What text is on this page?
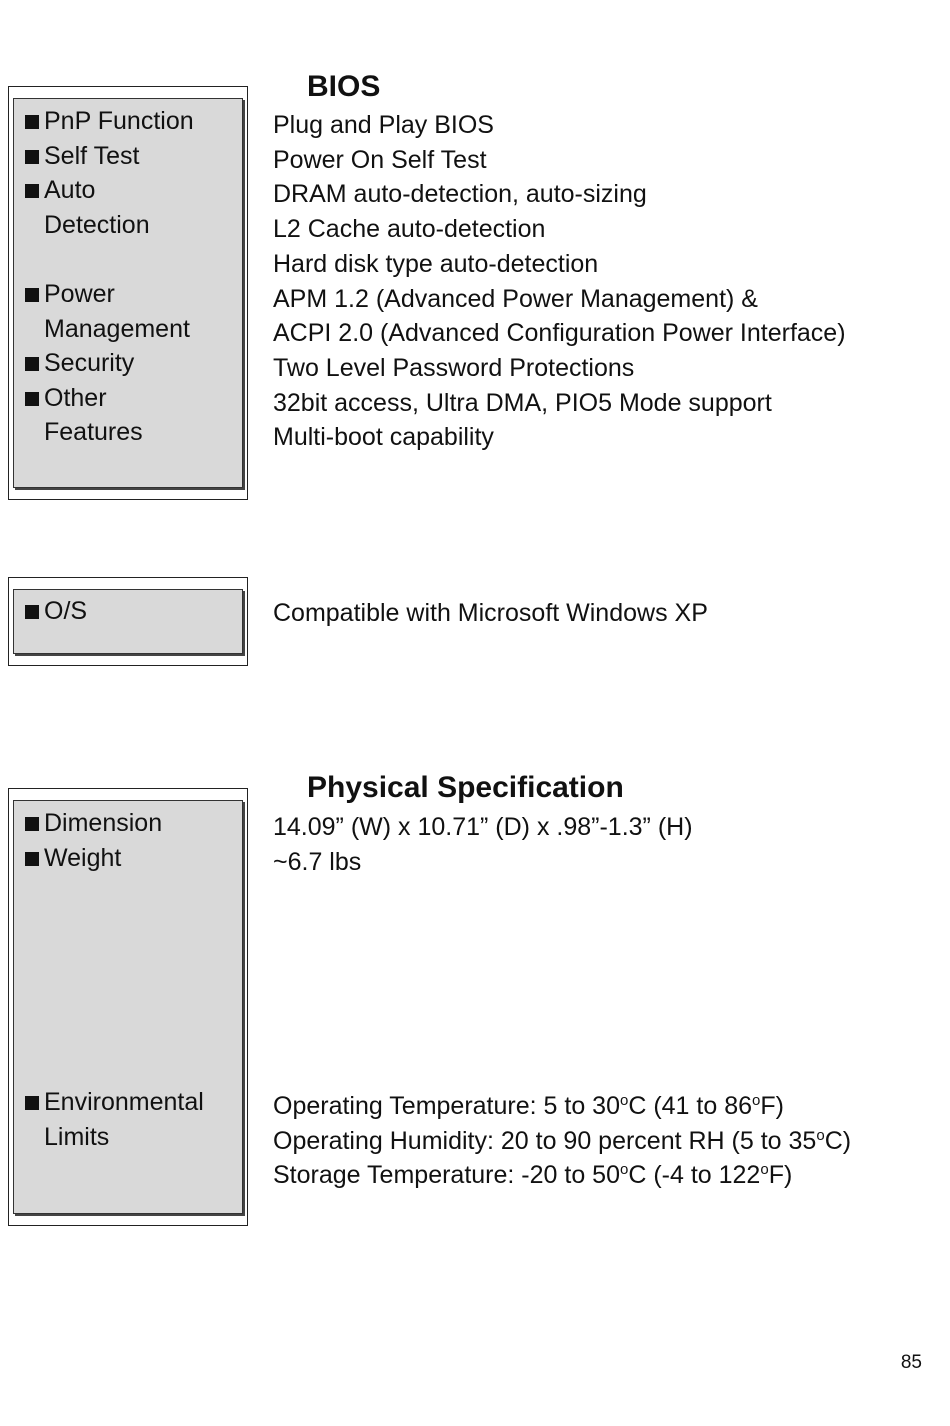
PnP Function
Self Test
Auto
Detection
Power
Management
Security
Other
Features
BIOS
Plug and Play BIOS
Power On Self Test
DRAM auto-detection, auto-sizing
L2 Cache auto-detection
Hard disk type auto-detection
APM 1.2 (Advanced Power Management) &
ACPI 2.0 (Advanced Configuration Power Interface)
Two Level Password Protections
32bit access, Ultra DMA, PIO5 Mode support
Multi-boot capability
O/S	Compatible with Microsoft Windows XP
Dimension
Weight
Environmental
Limits
Physical Specification
14.09” (W) x 10.71” (D) x .98”-1.3” (H)
~6.7 lbs
Operating Temperature: 5 to 30$^o$C (41 to 86$^o$F)
Operating Humidity: 20 to 90 percent RH (5 to 35$^o$C)
Storage Temperature: -20 to 50$^o$C (-4 to 122$^o$F)
85
